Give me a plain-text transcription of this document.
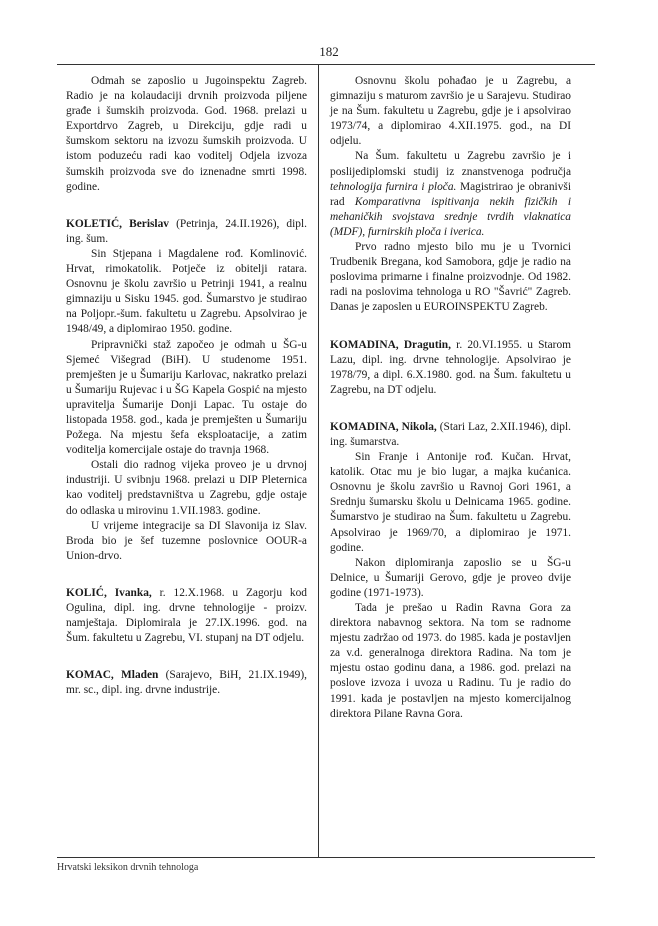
182

Odmah se zaposlio u Jugoinspektu Zagreb. Radio je na kolaudaciji drvnih proizvoda piljene građe i šumskih proizvoda. God. 1968. prelazi u Exportdrvo Zagreb, u Direkciju, gdje radi u šumskom sektoru na izvozu šumskih proizvoda. U istom poduzeću radi kao voditelj Odjela izvoza šumskih proizvoda sve do iznenadne smrti 1998. godine.

KOLETIĆ, Berislav (Petrinja, 24.II.1926), dipl. ing. šum.

Sin Stjepana i Magdalene rođ. Komlinović. Hrvat, rimokatolik. Potječe iz obitelji ratara. Osnovnu je školu završio u Petrinji 1941, a realnu gimnaziju u Sisku 1945. god. Šumarstvo je studirao na Poljopr.-šum. fakultetu u Zagrebu. Apsolvirao je 1948/49, a diplomirao 1950. godine.

Pripravnički staž započeo je odmah u ŠG-u Sjemeć Višegrad (BiH). U studenome 1951. premješten je u Šumariju Karlovac, nakratko prelazi u Šumariju Rujevac i u ŠG Kapela Gospić na mjesto upravitelja Šumarije Donji Lapac. Tu ostaje do listopada 1958. god., kada je premješten u Šumariju Požega. Na mjestu šefa eksploatacije, a zatim voditelja komercijale ostaje do travnja 1968.

Ostali dio radnog vijeka proveo je u drvnoj industriji. U svibnju 1968. prelazi u DIP Pleternica kao voditelj predstavništva u Zagrebu, gdje ostaje do odlaska u mirovinu 1.VII.1983. godine.

U vrijeme integracije sa DI Slavonija iz Slav. Broda bio je šef tuzemne poslovnice OOUR-a Union-drvo.

KOLIĆ, Ivanka, r. 12.X.1968. u Zagorju kod Ogulina, dipl. ing. drvne tehnologije - proizv. namještaja. Diplomirala je 27.IX.1996. god. na Šum. fakultetu u Zagrebu, VI. stupanj na DT odjelu.

KOMAC, Mladen (Sarajevo, BiH, 21.IX.1949), mr. sc., dipl. ing. drvne industrije.

Osnovnu školu pohađao je u Zagrebu, a gimnaziju s maturom završio je u Sarajevu. Studirao je na Šum. fakultetu u Zagrebu, gdje je i apsolvirao 1973/74, a diplomirao 4.XII.1975. god., na DI odjelu.

Na Šum. fakultetu u Zagrebu završio je i poslijediplomski studij iz znanstvenoga područja tehnologija furnira i ploča. Magistrirao je obranivši rad Komparativna ispitivanja nekih fizičkih i mehaničkih svojstava srednje tvrdih vlaknatica (MDF), furnirskih ploča i iverica.

Prvo radno mjesto bilo mu je u Tvornici Trudbenik Bregana, kod Samobora, gdje je radio na poslovima primarne i finalne proizvodnje. Od 1982. radi na poslovima tehnologa u RO "Šavrić" Zagreb. Danas je zaposlen u EUROINSPEKTU Zagreb.

KOMADINA, Dragutin, r. 20.VI.1955. u Starom Lazu, dipl. ing. drvne tehnologije. Apsolvirao je 1978/79, a dipl. 6.X.1980. god. na Šum. fakultetu u Zagrebu, na DT odjelu.

KOMADINA, Nikola, (Stari Laz, 2.XII.1946), dipl. ing. šumarstva.

Sin Franje i Antonije rođ. Kučan. Hrvat, katolik. Otac mu je bio lugar, a majka kućanica. Osnovnu je školu završio u Ravnoj Gori 1961, a Srednju šumarsku školu u Delnicama 1965. godine. Šumarstvo je studirao na Šum. fakultetu u Zagrebu. Apsolvirao je 1969/70, a diplomirao je 1971. godine.

Nakon diplomiranja zaposlio se u ŠG-u Delnice, u Šumariji Gerovo, gdje je proveo dvije godine (1971-1973).

Tada je prešao u Radin Ravna Gora za direktora nabavnog sektora. Na tom se radnome mjestu zadržao od 1973. do 1985. kada je postavljen za v.d. generalnoga direktora Radina. Na tom je mjestu ostao godinu dana, a 1986. god. prelazi na poslove izvoza i uvoza u Radinu. Tu je radio do 1991. kada je postavljen na mjesto komercijalnog direktora Pilane Ravna Gora.

Hrvatski leksikon drvnih tehnologa
